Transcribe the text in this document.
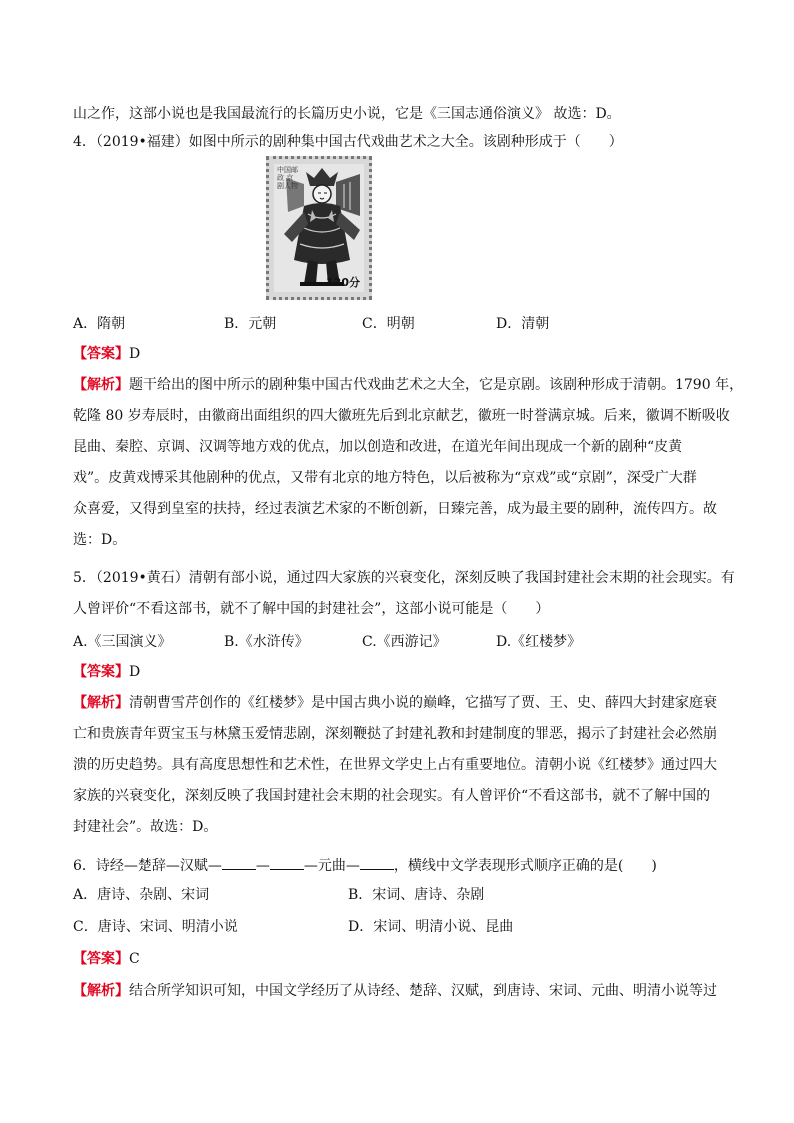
山之作，这部小说也是我国最流行的长篇历史小说，它是《三国志通俗演义》 故选：D。
4．（2019•福建）如图中所示的剧种集中国古代戏曲艺术之大全。该剧种形成于（　　）
中国邮政 京剧人物
120分
A．隋朝	B．元朝	C．明朝	D．清朝
【答案】D
【解析】题干给出的图中所示的剧种集中国古代戏曲艺术之大全，它是京剧。该剧种形成于清朝。1790 年，
乾隆 80 岁寿辰时，由徽商出面组织的四大徽班先后到北京献艺，徽班一时誉满京城。后来，徽调不断吸收
昆曲、秦腔、京调、汉调等地方戏的优点，加以创造和改进，在道光年间出现成一个新的剧种“皮黄
戏”。皮黄戏博采其他剧种的优点，又带有北京的地方特色，以后被称为“京戏”或“京剧”，深受广大群
众喜爱，又得到皇室的扶持，经过表演艺术家的不断创新，日臻完善，成为最主要的剧种，流传四方。故
选：D。
5．（2019•黄石）清朝有部小说，通过四大家族的兴衰变化，深刻反映了我国封建社会末期的社会现实。有
人曾评价“不看这部书，就不了解中国的封建社会”，这部小说可能是（　　）
A.《三国演义》	B.《水浒传》	C.《西游记》	D.《红楼梦》
【答案】D
【解析】清朝曹雪芹创作的《红楼梦》是中国古典小说的巅峰，它描写了贾、王、史、薛四大封建家庭衰
亡和贵族青年贾宝玉与林黛玉爱情悲剧，深刻鞭挞了封建礼教和封建制度的罪恶，揭示了封建社会必然崩
溃的历史趋势。具有高度思想性和艺术性，在世界文学史上占有重要地位。清朝小说《红楼梦》通过四大
家族的兴衰变化，深刻反映了我国封建社会末期的社会现实。有人曾评价“不看这部书，就不了解中国的
封建社会”。故选：D。
6．诗经—楚辞—汉赋— — —元曲— ，横线中文学表现形式顺序正确的是(　　)
A．唐诗、杂剧、宋词	B．宋词、唐诗、杂剧
C．唐诗、宋词、明清小说	D．宋词、明清小说、昆曲
【答案】C
【解析】结合所学知识可知，中国文学经历了从诗经、楚辞、汉赋，到唐诗、宋词、元曲、明清小说等过
